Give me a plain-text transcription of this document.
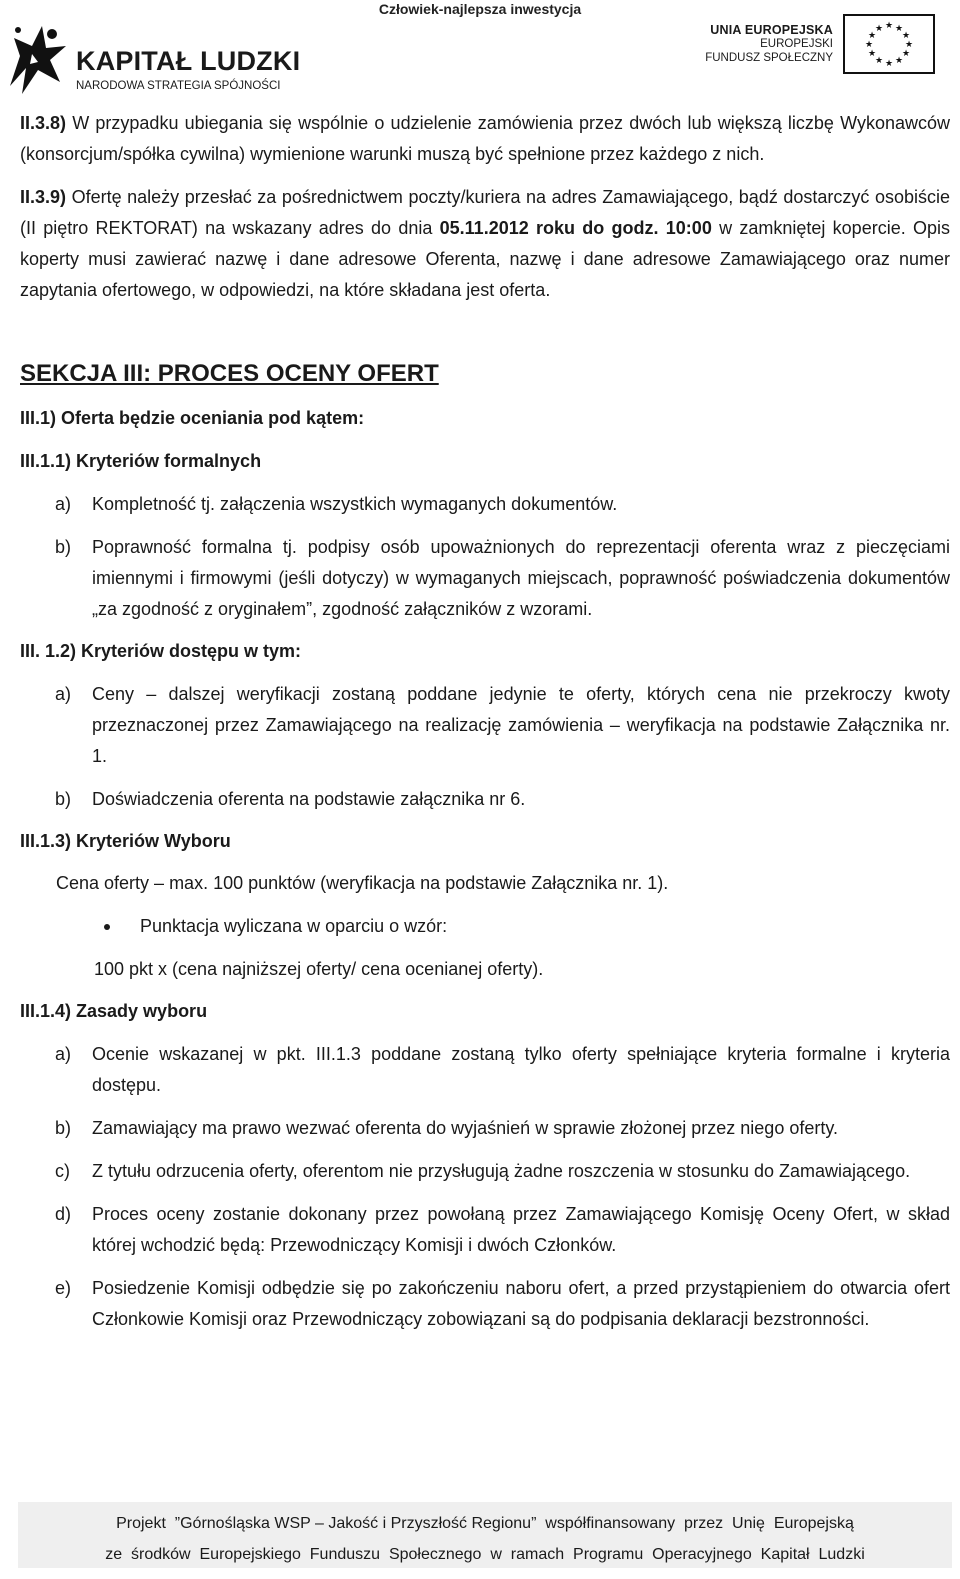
Człowiek-najlepsza inwestycja
KAPITAŁ LUDZKI
NARODOWA STRATEGIA SPÓJNOŚCI
UNIA EUROPEJSKA
EUROPEJSKI
FUNDUSZ SPOŁECZNY
★ ★
★
★
★
★
★
★
★
★
★
★

II.3.8) W przypadku ubiegania się wspólnie o udzielenie zamówienia przez dwóch lub większą liczbę Wykonawców (konsorcjum/spółka cywilna) wymienione warunki muszą być spełnione przez każdego z nich.

II.3.9) Ofertę należy przesłać za pośrednictwem poczty/kuriera na adres Zamawiającego, bądź dostarczyć osobiście (II piętro REKTORAT) na wskazany adres do dnia 05.11.2012 roku do godz. 10:00 w zamkniętej kopercie. Opis koperty musi zawierać nazwę i dane adresowe Oferenta, nazwę i dane adresowe Zamawiającego oraz numer zapytania ofertowego, w odpowiedzi, na które składana jest oferta.

SEKCJA III: PROCES OCENY OFERT
III.1) Oferta będzie oceniania pod kątem:
III.1.1) Kryteriów formalnych
a) Kompletność tj. załączenia wszystkich wymaganych dokumentów.
b) Poprawność formalna tj. podpisy osób upoważnionych do reprezentacji oferenta wraz z pieczęciami imiennymi i firmowymi (jeśli dotyczy) w wymaganych miejscach, poprawność poświadczenia dokumentów „za zgodność z oryginałem”, zgodność załączników z wzorami.
III. 1.2) Kryteriów dostępu w tym:
a) Ceny – dalszej weryfikacji zostaną poddane jedynie te oferty, których cena nie przekroczy kwoty przeznaczonej przez Zamawiającego na realizację zamówienia – weryfikacja na podstawie Załącznika nr. 1.
b) Doświadczenia oferenta na podstawie załącznika nr 6.
III.1.3) Kryteriów Wyboru
Cena oferty – max. 100 punktów (weryfikacja na podstawie Załącznika nr. 1).
Punktacja wyliczana w oparciu o wzór:
100 pkt x (cena najniższej oferty/ cena ocenianej oferty).
III.1.4) Zasady wyboru
a) Ocenie wskazanej w pkt. III.1.3 poddane zostaną tylko oferty spełniające kryteria formalne i kryteria dostępu.
b) Zamawiający ma prawo wezwać oferenta do wyjaśnień w sprawie złożonej przez niego oferty.
c) Z tytułu odrzucenia oferty, oferentom nie przysługują żadne roszczenia w stosunku do Zamawiającego.
d) Proces oceny zostanie dokonany przez powołaną przez Zamawiającego Komisję Oceny Ofert, w skład której wchodzić będą: Przewodniczący Komisji i dwóch Członków.
e) Posiedzenie Komisji odbędzie się po zakończeniu naboru ofert, a przed przystąpieniem do otwarcia ofert Członkowie Komisji oraz Przewodniczący zobowiązani są do podpisania deklaracji bezstronności.
Projekt  ”Górnośląska WSP – Jakość i Przyszłość Regionu”  współfinansowany  przez  Unię  Europejską
ze  środków  Europejskiego  Funduszu  Społecznego  w  ramach  Programu  Operacyjnego  Kapitał  Ludzki
